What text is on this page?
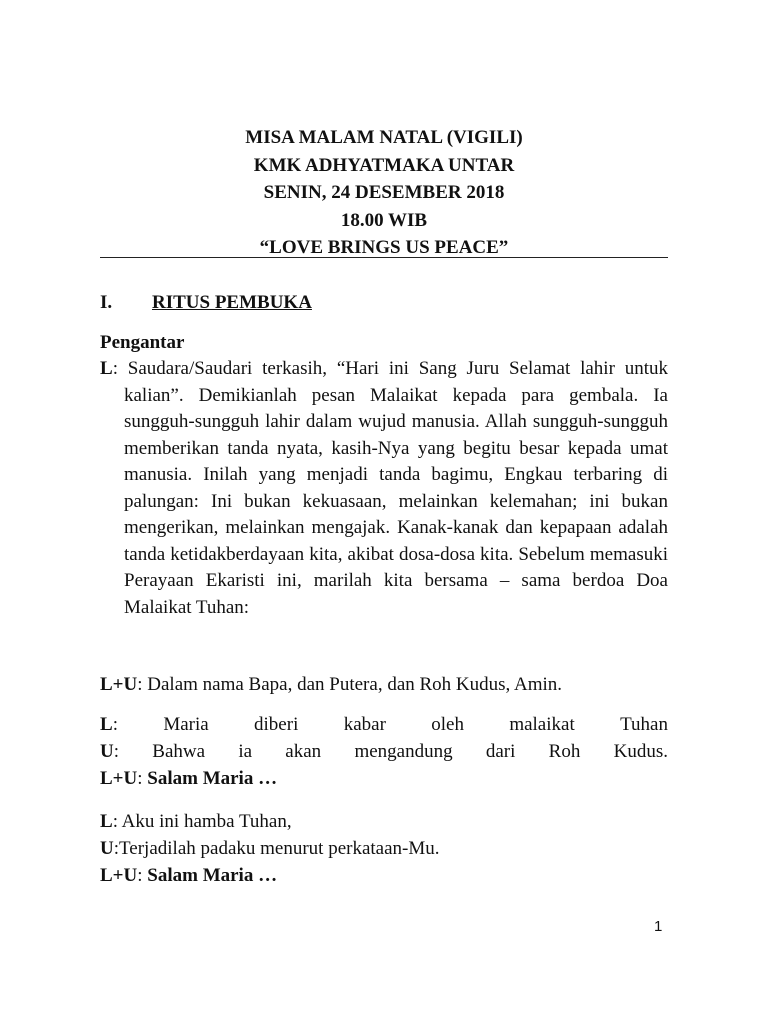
MISA MALAM NATAL (VIGILI)
KMK ADHYATMAKA UNTAR
SENIN, 24 DESEMBER 2018
18.00 WIB
“LOVE BRINGS US PEACE”
I. RITUS PEMBUKA
Pengantar
L: Saudara/Saudari terkasih, “Hari ini Sang Juru Selamat lahir untuk kalian”. Demikianlah pesan Malaikat kepada para gembala. Ia sungguh-sungguh lahir dalam wujud manusia. Allah sungguh-sungguh memberikan tanda nyata, kasih-Nya yang begitu besar kepada umat manusia. Inilah yang menjadi tanda bagimu, Engkau terbaring di palungan: Ini bukan kekuasaan, melainkan kelemahan; ini bukan mengerikan, melainkan mengajak. Kanak-kanak dan kepapaan adalah tanda ketidakberdayaan kita, akibat dosa-dosa kita. Sebelum memasuki Perayaan Ekaristi ini, marilah kita bersama – sama berdoa Doa Malaikat Tuhan:
L+U: Dalam nama Bapa, dan Putera, dan Roh Kudus, Amin.
L: Maria diberi kabar oleh malaikat Tuhan
U: Bahwa ia akan mengandung dari Roh Kudus.
L+U: Salam Maria …
L: Aku ini hamba Tuhan,
U:Terjadilah padaku menurut perkataan-Mu.
L+U: Salam Maria …
1
